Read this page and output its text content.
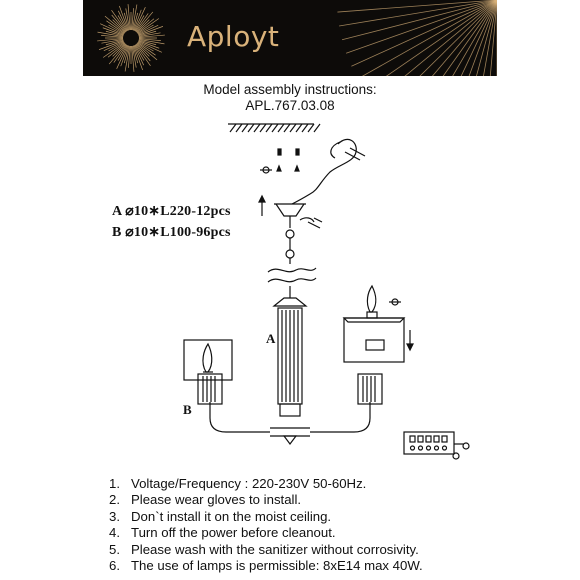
Aployt
Model assembly instructions:
APL.767.03.08
A ⌀10∗L220-12pcs
B ⌀10∗L100-96pcs
A
B
1. Voltage/Frequency : 220-230V 50-60Hz.
2. Please wear gloves to install.
3. Don`t install it on the moist ceiling.
4. Turn off the power before cleanout.
5. Please wash with the sanitizer without corrosivity.
6. The use of lamps is permissible: 8xE14 max 40W.
